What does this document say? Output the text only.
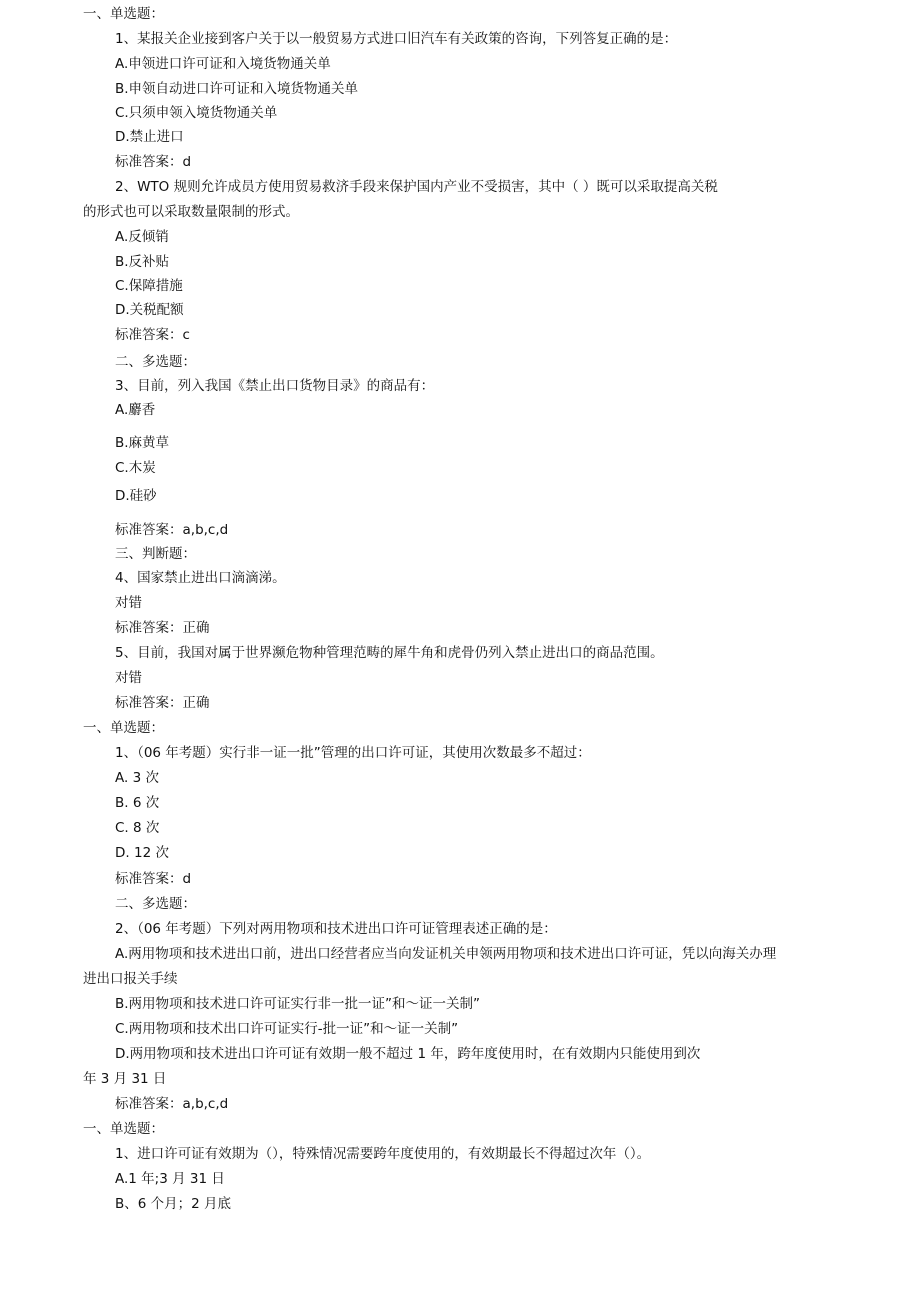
一、单选题：
1、某报关企业接到客户关于以一般贸易方式进口旧汽车有关政策的咨询，下列答复正确的是：
A.申领进口许可证和入境货物通关单
B.申领自动进口许可证和入境货物通关单
C.只须申领入境货物通关单
D.禁止进口
标准答案：d
2、WTO 规则允许成员方使用贸易救济手段来保护国内产业不受损害，其中（ ）既可以采取提高关税
的形式也可以采取数量限制的形式。
A.反倾销
B.反补贴
C.保障措施
D.关税配额
标准答案：c
二、多选题：
3、目前，列入我国《禁止出口货物目录》的商品有：
A.麝香
B.麻黄草
C.木炭
D.硅砂
标准答案：a,b,c,d
三、判断题：
4、国家禁止进出口滴滴涕。
对错
标准答案：正确
5、目前，我国对属于世界濒危物种管理范畴的犀牛角和虎骨仍列入禁止进出口的商品范围。
对错
标准答案：正确
一、单选题：
1、（06 年考题）实行非一证一批”管理的出口许可证，其使用次数最多不超过：
A. 3 次
B. 6 次
C. 8 次
D. 12 次
标准答案：d
二、多选题：
2、（06 年考题）下列对两用物项和技术进出口许可证管理表述正确的是：
A.两用物项和技术进出口前，进出口经营者应当向发证机关申领两用物项和技术进出口许可证，凭以向海关办理
进出口报关手续
B.两用物项和技术进口许可证实行非一批一证”和～证一关制”
C.两用物项和技术出口许可证实行-批一证”和～证一关制”
D.两用物项和技术进出口许可证有效期一般不超过 1 年，跨年度使用时，在有效期内只能使用到次
年 3 月 31 日
标准答案：a,b,c,d
一、单选题：
1、进口许可证有效期为（），特殊情况需要跨年度使用的，有效期最长不得超过次年（）。
A.1 年;3 月 31 日
B、6 个月；2 月底
